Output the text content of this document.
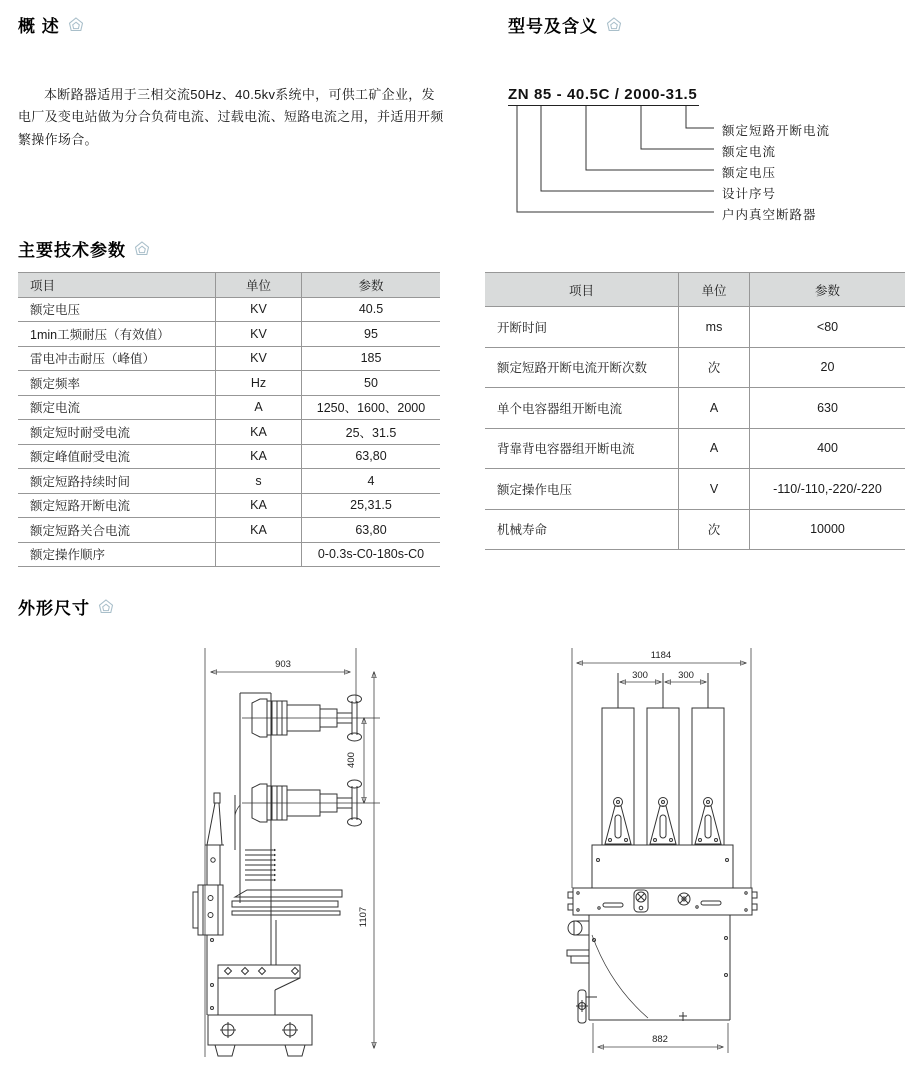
概 述
本断路器适用于三相交流50Hz、40.5kv系统中，可供工矿企业，发电厂及变电站做为分合负荷电流、过载电流、短路电流之用，并适用开频繁操作场合。
型号及含义
ZN 85 - 40.5C / 2000-31.5
额定短路开断电流
额定电流
额定电压
设计序号
户内真空断路器
主要技术参数
项目	单位	参数
额定电压	KV	40.5
1min工频耐压（有效值）	KV	95
雷电冲击耐压（峰值）	KV	185
额定频率	Hz	50
额定电流	A	1250、1600、2000
额定短时耐受电流	KA	25、31.5
额定峰值耐受电流	KA	63,80
额定短路持续时间	s	4
额定短路开断电流	KA	25,31.5
额定短路关合电流	KA	63,80
额定操作顺序		0-0.3s-C0-180s-C0
项目	单位	参数
开断时间	ms	<80
额定短路开断电流开断次数	次	20
单个电容器组开断电流	A	630
背靠背电容器组开断电流	A	400
额定操作电压	V	-110/-110,-220/-220
机械寿命	次	10000
外形尺寸
903
400
1107
1184
300	300
882
